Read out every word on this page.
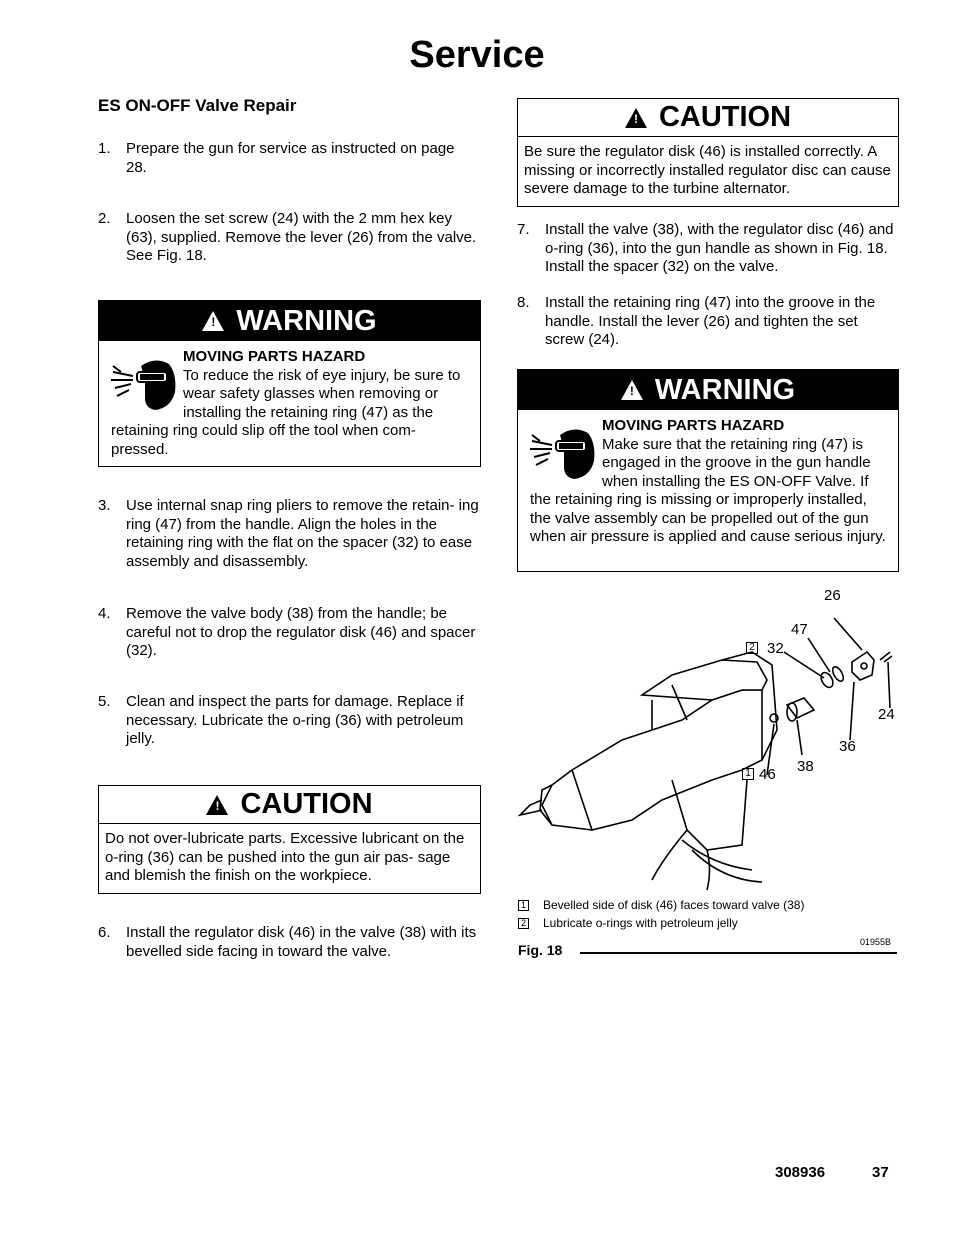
Service
ES ON-OFF Valve Repair
1. Prepare the gun for service as instructed on page 28.
2. Loosen the set screw (24) with the 2 mm hex key (63), supplied. Remove the lever (26) from the valve. See Fig. 18.
! WARNING
MOVING PARTS HAZARD
To reduce the risk of eye injury, be sure to wear safety glasses when removing or installing the retaining ring (47) as the retaining ring could slip off the tool when com- pressed.
3. Use internal snap ring pliers to remove the retain- ing ring (47) from the handle. Align the holes in the retaining ring with the flat on the spacer (32) to ease assembly and disassembly.
4. Remove the valve body (38) from the handle; be careful not to drop the regulator disk (46) and spacer (32).
5. Clean and inspect the parts for damage. Replace if necessary. Lubricate the o-ring (36) with petroleum jelly.
! CAUTION
Do not over-lubricate parts. Excessive lubricant on the o-ring (36) can be pushed into the gun air pas- sage and blemish the finish on the workpiece.
6. Install the regulator disk (46) in the valve (38) with its bevelled side facing in toward the valve.
! CAUTION
Be sure the regulator disk (46) is installed correctly. A missing or incorrectly installed regulator disc can cause severe damage to the turbine alternator.
7. Install the valve (38), with the regulator disc (46) and o-ring (36), into the gun handle as shown in Fig. 18. Install the spacer (32) on the valve.
8. Install the retaining ring (47) into the groove in the handle. Install the lever (26) and tighten the set screw (24).
! WARNING
MOVING PARTS HAZARD
Make sure that the retaining ring (47) is engaged in the groove in the gun handle when installing the ES ON-OFF Valve. If the retaining ring is missing or improperly installed, the valve assembly can be propelled out of the gun when air pressure is applied and cause serious injury.
26
47
2 32
24
36
38
1 46
1 Bevelled side of disk (46) faces toward valve (38)
2 Lubricate o-rings with petroleum jelly
01955B
Fig. 18
308936	37
